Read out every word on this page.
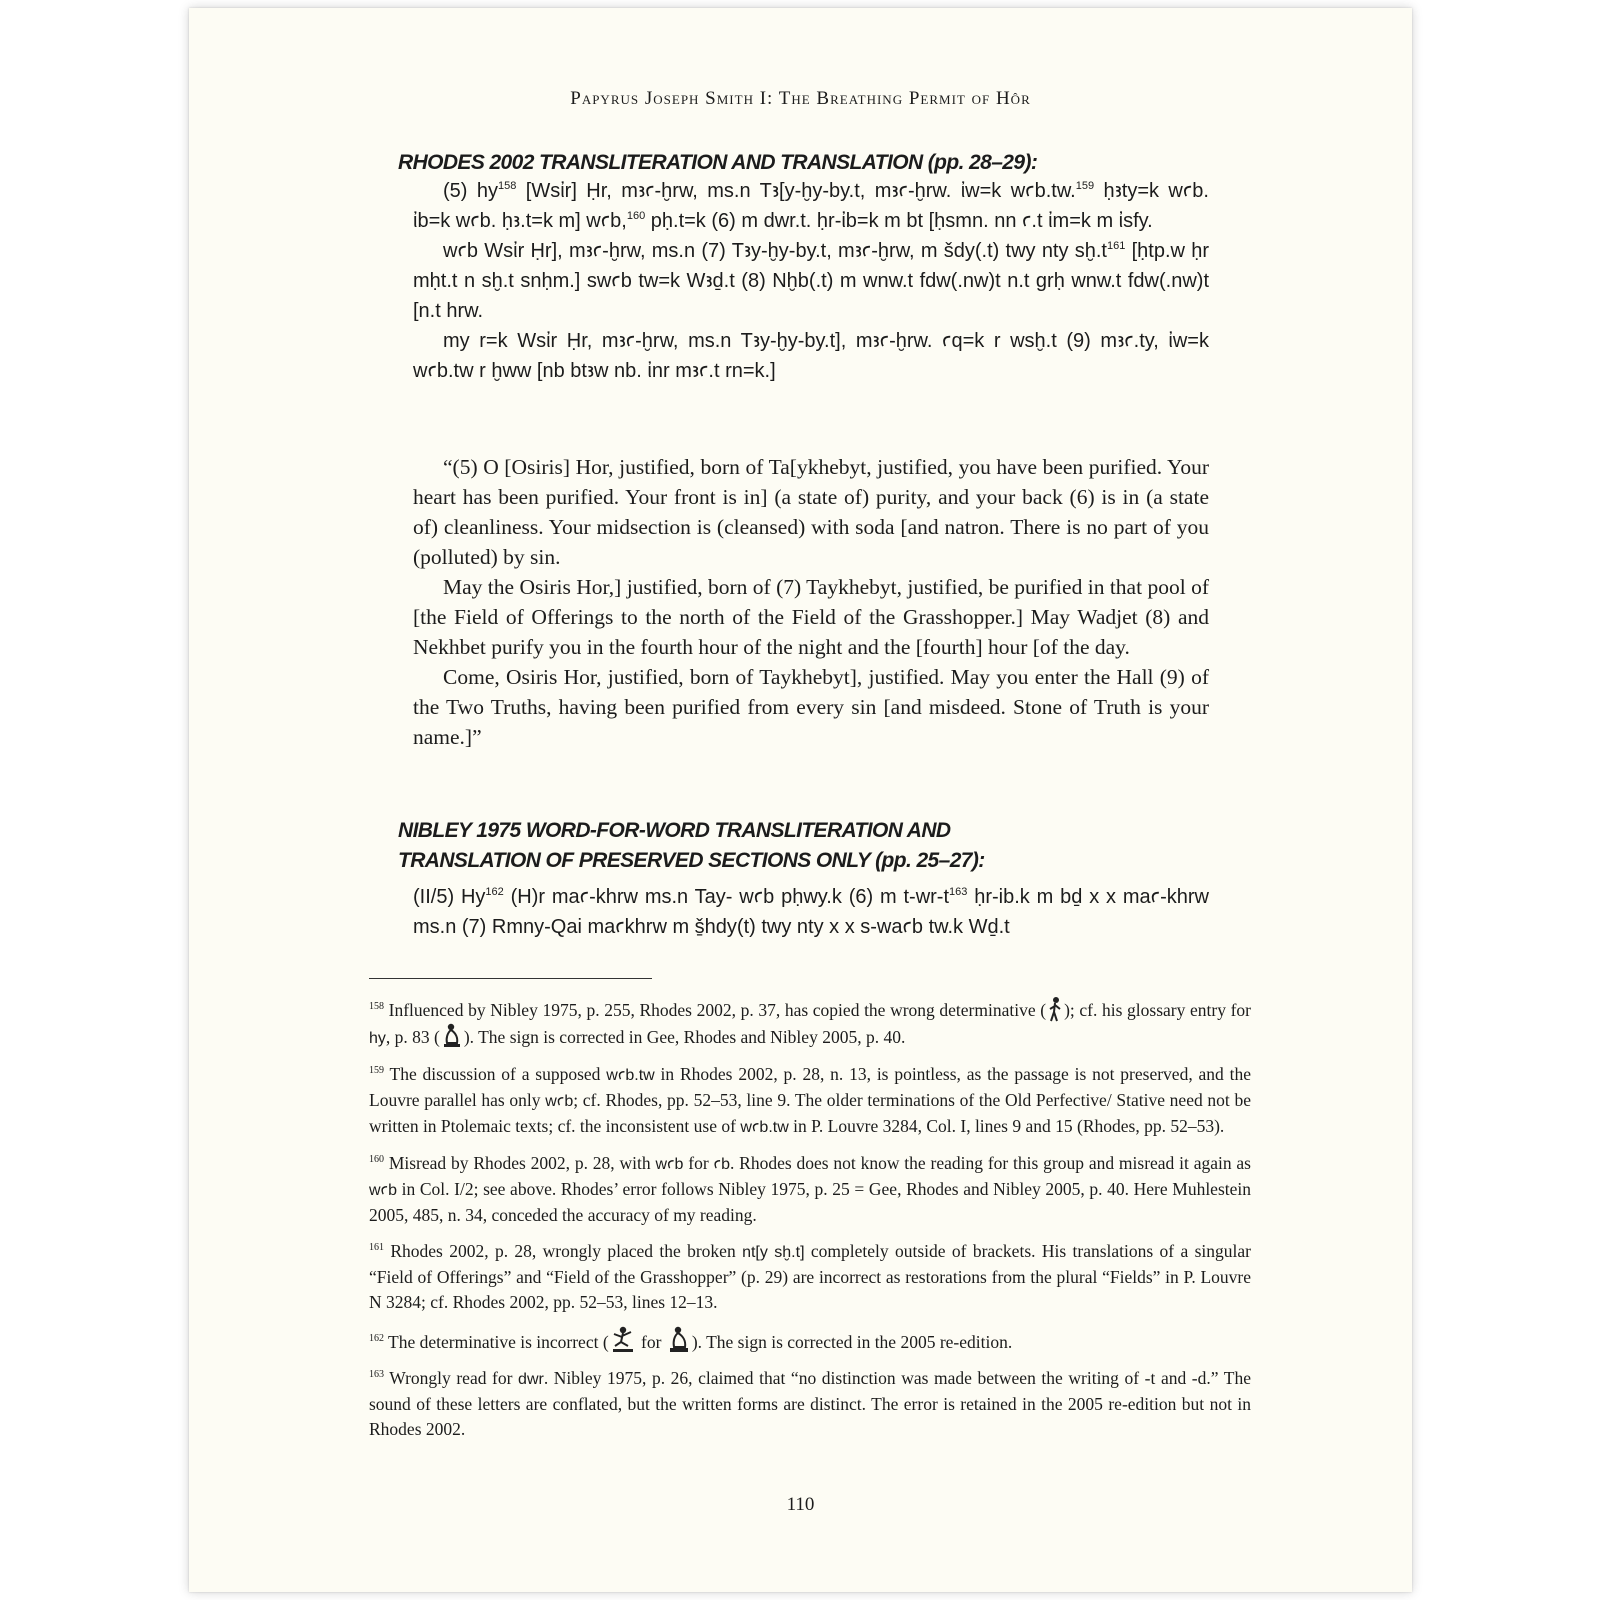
Papyrus Joseph Smith I: The Breathing Permit of Hôr
RHODES 2002 TRANSLITERATION AND TRANSLATION (pp. 28–29):

(5) $hy^{158}$ [Wsἰr] Ḥr, mꜣꜥ-ḫrw, ms.n Tꜣ[y-ḫy-by.t, mꜣꜥ-ḫrw. ἰw=k wꜥb.tw.$^{159}$ ḥꜣty=k wꜥb. ἰb=k wꜥb. ḥꜣ.t=k m] wꜥb,$^{160}$ pḥ.t=k (6) m dwr.t. ḥr-ἰb=k m bt [ḥsmn. nn ꜥ.t ἰm=k m ἰsfy.

wꜥb Wsἰr Ḥr], mꜣꜥ-ḫrw, ms.n (7) Tꜣy-ḫy-by.t, mꜣꜥ-ḫrw, m šdy(.t) twy nty $sḫ.t^{161}$ [ḥtp.w ḥr mḥt.t n sḫ.t snḥm.] swꜥb tw=k Wꜣḏ.t (8) Nḫb(.t) m wnw.t fdw(.nw)t n.t grḥ wnw.t fdw(.nw)t [n.t hrw.

my r=k Wsἰr Ḥr, mꜣꜥ-ḫrw, ms.n Tꜣy-ḫy-by.t], mꜣꜥ-ḫrw. ꜥq=k r wsḫ.t (9) mꜣꜥ.ty, ἰw=k wꜥb.tw r ḫww [nb btꜣw nb. ἰnr mꜣꜥ.t rn=k.]

“(5) O [Osiris] Hor, justified, born of Ta[ykhebyt, justified, you have been purified. Your heart has been purified. Your front is in] (a state of) purity, and your back (6) is in (a state of) cleanliness. Your midsection is (cleansed) with soda [and natron. There is no part of you (polluted) by sin.

May the Osiris Hor,] justified, born of (7) Taykhebyt, justified, be purified in that pool of [the Field of Offerings to the north of the Field of the Grasshopper.] May Wadjet (8) and Nekhbet purify you in the fourth hour of the night and the [fourth] hour [of the day.

Come, Osiris Hor, justified, born of Taykhebyt], justified. May you enter the Hall (9) of the Two Truths, having been purified from every sin [and misdeed. Stone of Truth is your name.]”

NIBLEY 1975 WORD-FOR-WORD TRANSLITERATION AND
TRANSLATION OF PRESERVED SECTIONS ONLY (pp. 25–27):

(II/5) Hy$^{162}$ (H)r maꜥ-khrw ms.n Tay- wꜥb pḥwy.k (6) m $t-wr-t^{163}$ ḥr-ib.k m bḏ x x maꜥ-khrw ms.n (7) Rmny-Qai maꜥkhrw m š̱hdy(t) twy nty x x s-waꜥb tw.k Wḏ.t

$^{158}$ Influenced by Nibley 1975, p. 255, Rhodes 2002, p. 37, has copied the wrong determinative ( ); cf. his glossary entry for hy, p. 83 ( ). The sign is corrected in Gee, Rhodes and Nibley 2005, p. 40.

$^{159}$ The discussion of a supposed wꜥb.tw in Rhodes 2002, p. 28, n. 13, is pointless, as the passage is not preserved, and the Louvre parallel has only wꜥb; cf. Rhodes, pp. 52–53, line 9. The older terminations of the Old Perfective/ Stative need not be written in Ptolemaic texts; cf. the inconsistent use of wꜥb.tw in P. Louvre 3284, Col. I, lines 9 and 15 (Rhodes, pp. 52–53).

$^{160}$ Misread by Rhodes 2002, p. 28, with wꜥb for ꜥb. Rhodes does not know the reading for this group and misread it again as wꜥb in Col. I/2; see above. Rhodes’ error follows Nibley 1975, p. 25 = Gee, Rhodes and Nibley 2005, p. 40. Here Muhlestein 2005, 485, n. 34, conceded the accuracy of my reading.

$^{161}$ Rhodes 2002, p. 28, wrongly placed the broken nt[y sḫ.t] completely outside of brackets. His translations of a singular “Field of Offerings” and “Field of the Grasshopper” (p. 29) are incorrect as restorations from the plural “Fields” in P. Louvre N 3284; cf. Rhodes 2002, pp. 52–53, lines 12–13.

$^{162}$ The determinative is incorrect ( for ). The sign is corrected in the 2005 re-edition.

$^{163}$ Wrongly read for dwr. Nibley 1975, p. 26, claimed that “no distinction was made between the writing of -t and -d.” The sound of these letters are conflated, but the written forms are distinct. The error is retained in the 2005 re-edition but not in Rhodes 2002.

110
